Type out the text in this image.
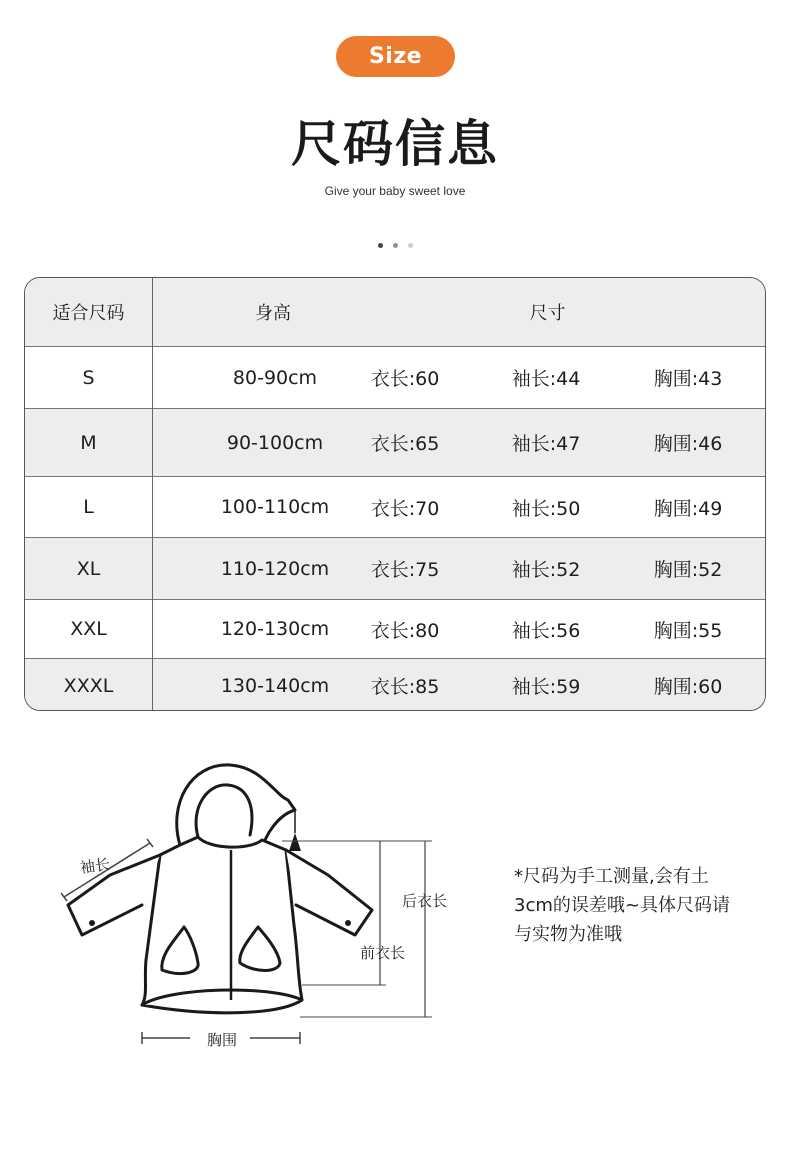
Size
尺码信息
Give your baby sweet love

适合尺码	身高	尺寸
S	80-90cm	衣长:60	袖长:44	胸围:43
M	90-100cm	衣长:65	袖长:47	胸围:46
L	100-110cm	衣长:70	袖长:50	胸围:49
XL	110-120cm	衣长:75	袖长:52	胸围:52
XXL	120-130cm	衣长:80	袖长:56	胸围:55
XXXL	130-140cm	衣长:85	袖长:59	胸围:60
袖长
后衣长
前衣长
胸围
*尺码为手工测量,会有土3cm的误差哦~具体尺码请与实物为准哦
